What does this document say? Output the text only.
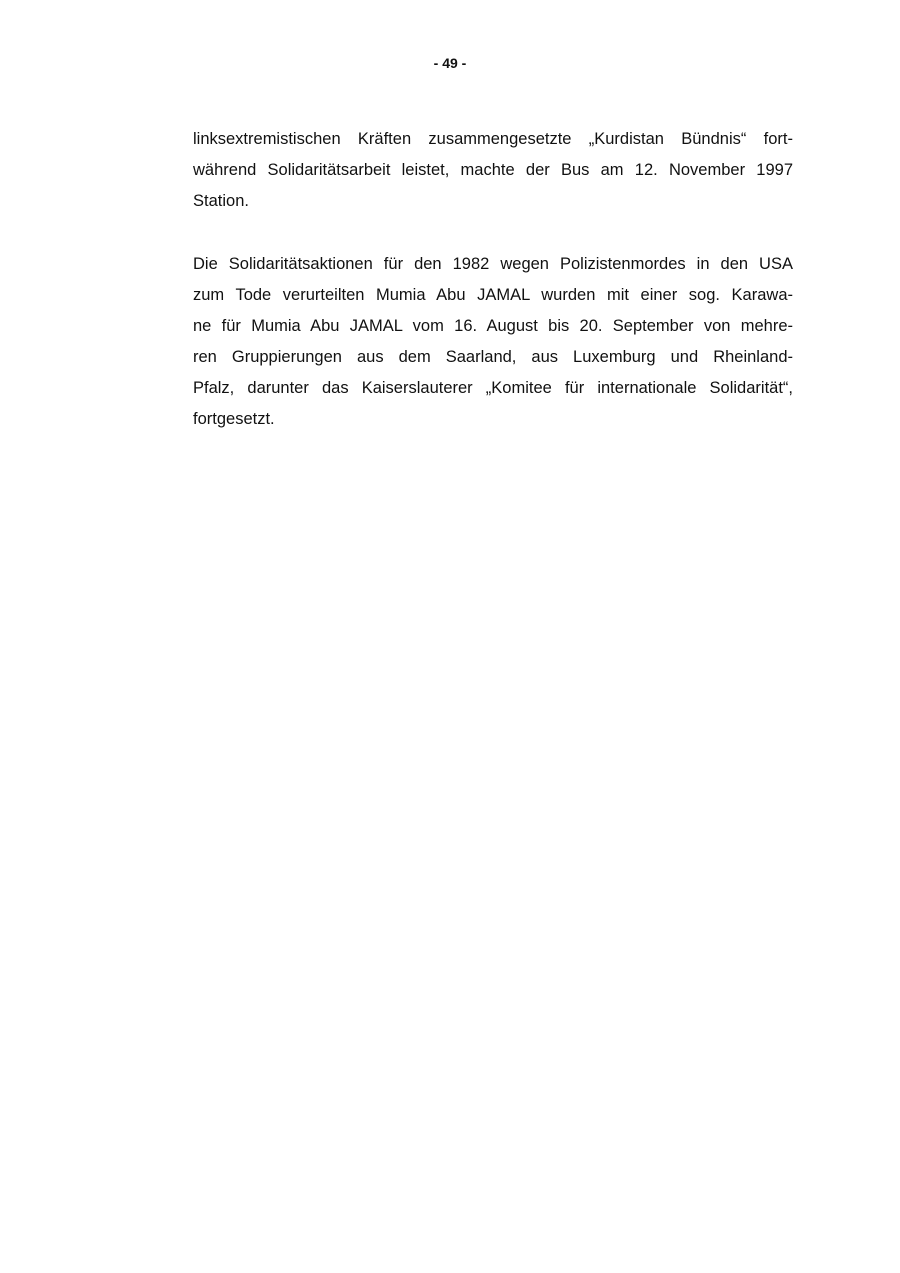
- 49 -
linksextremistischen Kräften zusammengesetzte „Kurdistan Bündnis“ fort-
während Solidaritätsarbeit leistet, machte der Bus am 12. November 1997
Station.
Die Solidaritätsaktionen für den 1982 wegen Polizistenmordes in den USA
zum Tode verurteilten Mumia Abu JAMAL wurden mit einer sog. Karawa-
ne für Mumia Abu JAMAL vom 16. August bis 20. September von mehre-
ren Gruppierungen aus dem Saarland, aus Luxemburg und Rheinland-
Pfalz, darunter das Kaiserslauterer „Komitee für internationale Solidarität“,
fortgesetzt.
